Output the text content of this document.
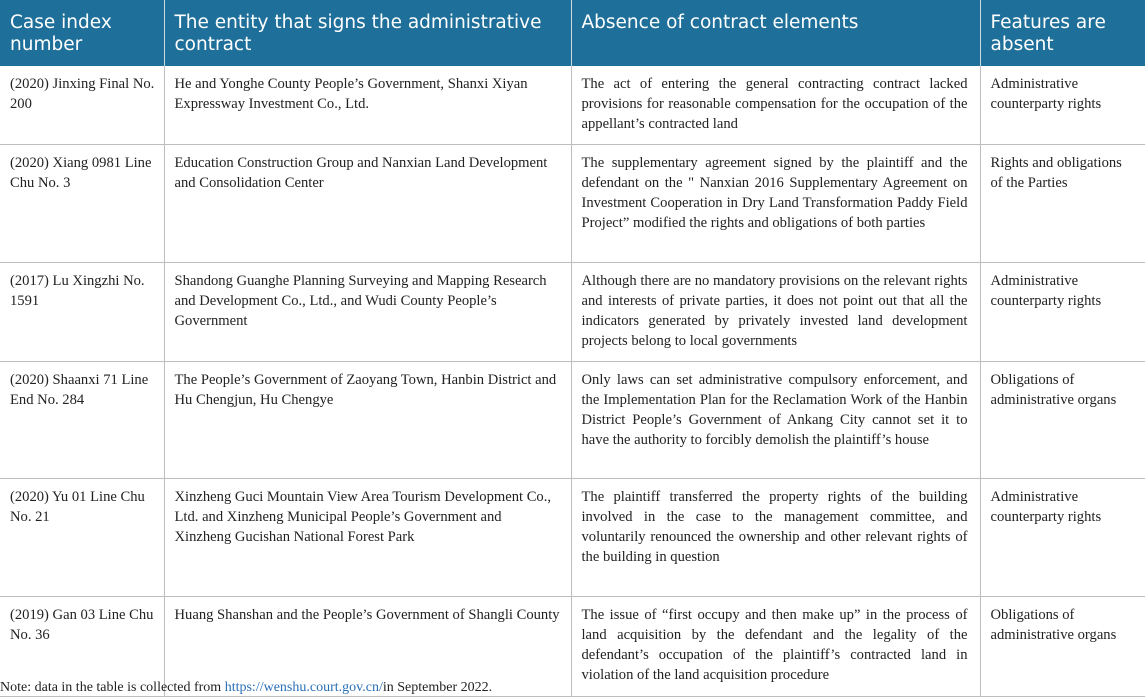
Case index number	The entity that signs the administrative contract	Absence of contract elements	Features are absent
(2020) Jinxing Final No. 200	He and Yonghe County People’s Government, Shanxi Xiyan Expressway Investment Co., Ltd.	The act of entering the general contracting contract lacked provisions for reasonable compensation for the occupation of the appellant’s contracted land	Administrative counterparty rights
(2020) Xiang 0981 Line Chu No. 3	Education Construction Group and Nanxian Land Development and Consolidation Center	The supplementary agreement signed by the plaintiff and the defendant on the " Nanxian 2016 Supplementary Agreement on Investment Cooperation in Dry Land Transformation Paddy Field Project” modified the rights and obligations of both parties	Rights and obligations of the Parties
(2017) Lu Xingzhi No. 1591	Shandong Guanghe Planning Surveying and Mapping Research and Development Co., Ltd., and Wudi County People’s Government	Although there are no mandatory provisions on the relevant rights and interests of private parties, it does not point out that all the indicators generated by privately invested land development projects belong to local governments	Administrative counterparty rights
(2020) Shaanxi 71 Line End No. 284	The People’s Government of Zaoyang Town, Hanbin District and Hu Chengjun, Hu Chengye	Only laws can set administrative compulsory enforcement, and the Implementation Plan for the Reclamation Work of the Hanbin District People’s Government of Ankang City cannot set it to have the authority to forcibly demolish the plaintiff’s house	Obligations of administrative organs
(2020) Yu 01 Line Chu No. 21	Xinzheng Guci Mountain View Area Tourism Development Co., Ltd. and Xinzheng Municipal People’s Government and Xinzheng Gucishan National Forest Park	The plaintiff transferred the property rights of the building involved in the case to the management committee, and voluntarily renounced the ownership and other relevant rights of the building in question	Administrative counterparty rights
(2019) Gan 03 Line Chu No. 36	Huang Shanshan and the People’s Government of Shangli County	The issue of “first occupy and then make up” in the process of land acquisition by the defendant and the legality of the defendant’s occupation of the plaintiff’s contracted land in violation of the land acquisition procedure	Obligations of administrative organs
Note: data in the table is collected from https://wenshu.court.gov.cn/in September 2022.
